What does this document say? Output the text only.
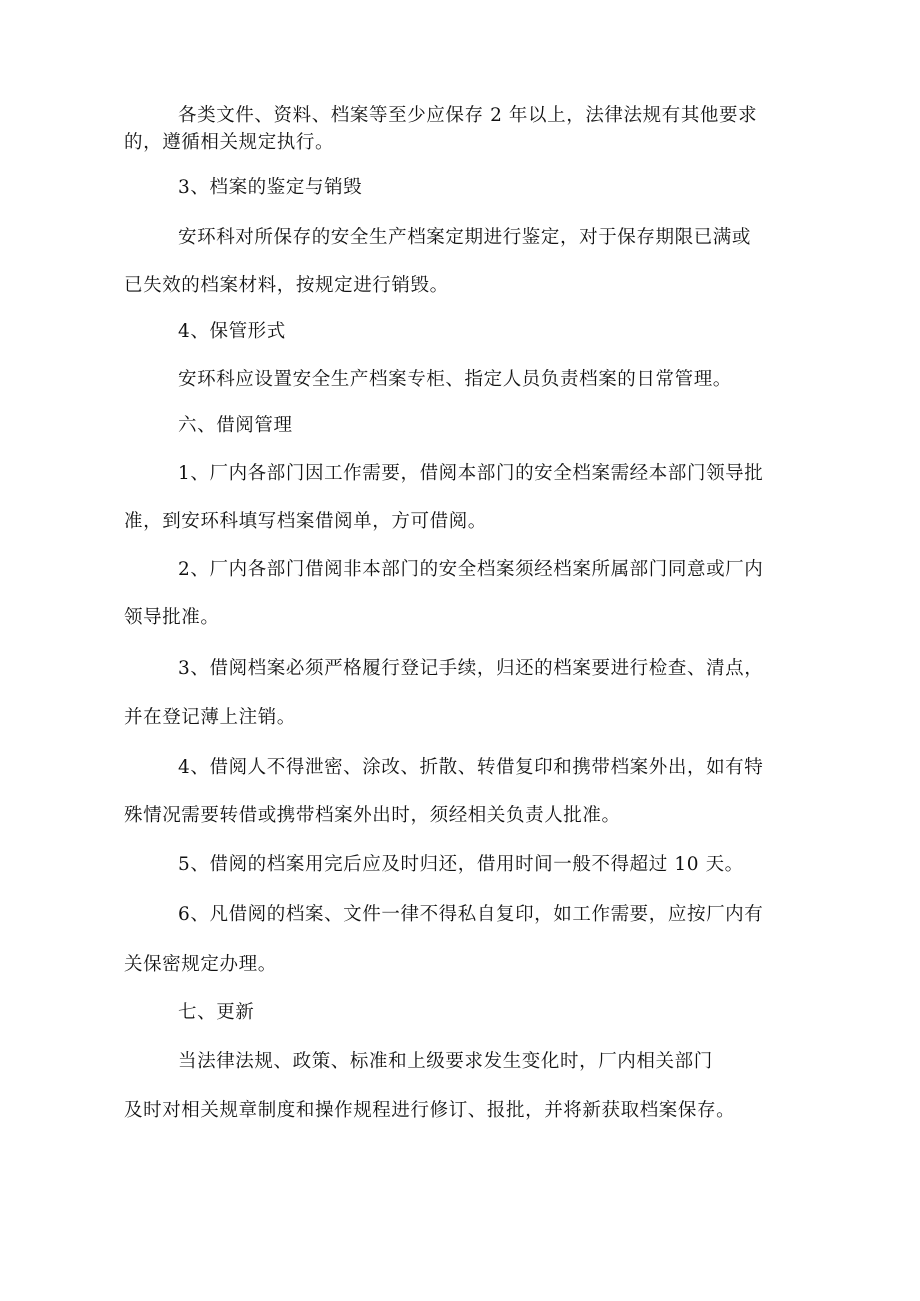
各类文件、资料、档案等至少应保存 2 年以上，法律法规有其他要求

的，遵循相关规定执行。

3、档案的鉴定与销毁

安环科对所保存的安全生产档案定期进行鉴定，对于保存期限已满或

已失效的档案材料，按规定进行销毁。

4、保管形式

安环科应设置安全生产档案专柜、指定人员负责档案的日常管理。

六、借阅管理

1、厂内各部门因工作需要，借阅本部门的安全档案需经本部门领导批

准，到安环科填写档案借阅单，方可借阅。

2、厂内各部门借阅非本部门的安全档案须经档案所属部门同意或厂内

领导批准。

3、借阅档案必须严格履行登记手续，归还的档案要进行检查、清点，

并在登记薄上注销。

4、借阅人不得泄密、涂改、折散、转借复印和携带档案外出，如有特

殊情况需要转借或携带档案外出时，须经相关负责人批准。

5、借阅的档案用完后应及时归还，借用时间一般不得超过 10 天。

6、凡借阅的档案、文件一律不得私自复印，如工作需要，应按厂内有

关保密规定办理。

七、更新

当法律法规、政策、标准和上级要求发生变化时，厂内相关部门

及时对相关规章制度和操作规程进行修订、报批，并将新获取档案保存。
